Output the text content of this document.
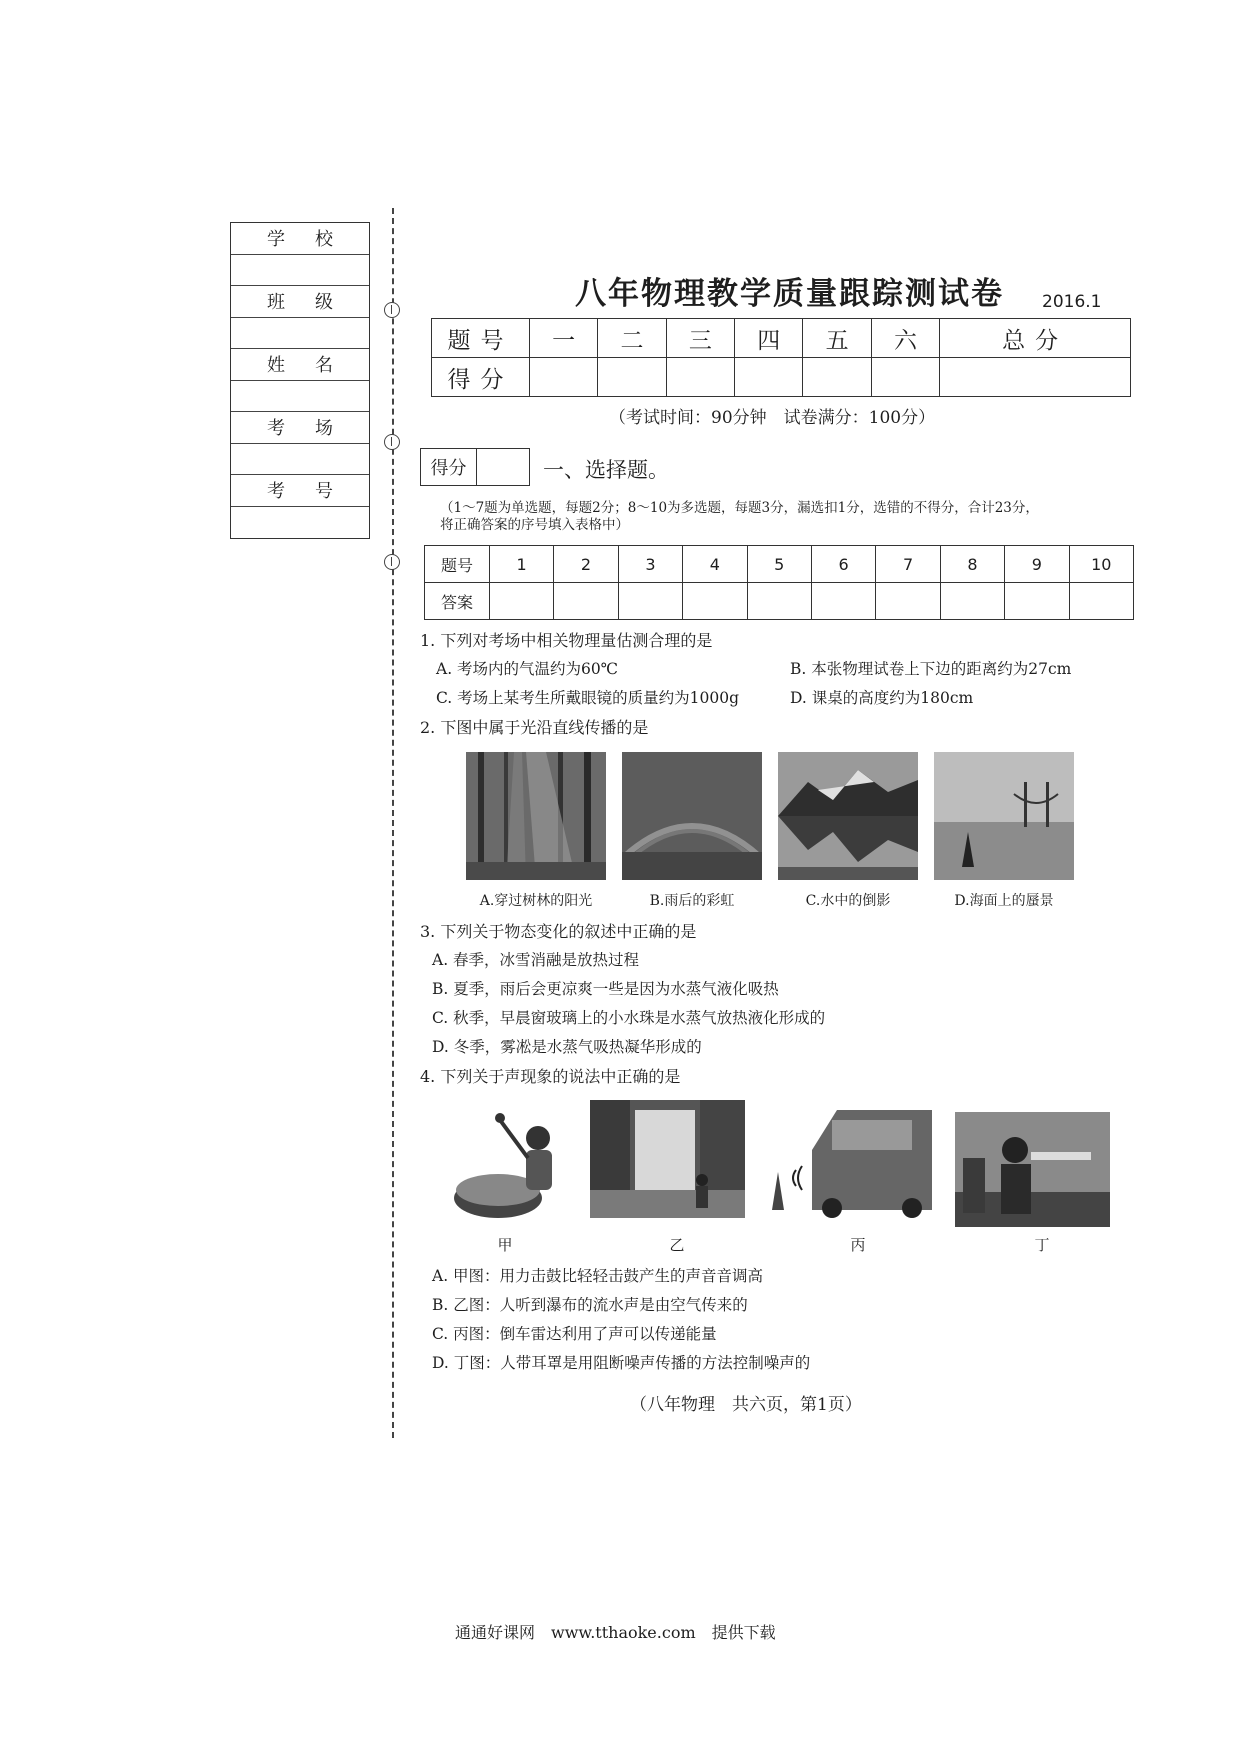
学校
班级
姓名
考场
考号
八年物理教学质量跟踪测试卷 2016.1
题号	一	二	三	四	五	六	总分
得分							
（考试时间：90分钟　试卷满分：100分）
得分	一、选择题。
（1～7题为单选题，每题2分；8～10为多选题，每题3分，漏选扣1分，选错的不得分，合计23分，
将正确答案的序号填入表格中）
题号	1	2	3	4	5	6	7	8	9	10
答案										
1. 下列对考场中相关物理量估测合理的是
A. 考场内的气温约为60℃	B. 本张物理试卷上下边的距离约为27cm
C. 考场上某考生所戴眼镜的质量约为1000g	D. 课桌的高度约为180cm
2. 下图中属于光沿直线传播的是
A.穿过树林的阳光	B.雨后的彩虹	C.水中的倒影	D.海面上的蜃景
3. 下列关于物态变化的叙述中正确的是
A. 春季，冰雪消融是放热过程
B. 夏季，雨后会更凉爽一些是因为水蒸气液化吸热
C. 秋季，早晨窗玻璃上的小水珠是水蒸气放热液化形成的
D. 冬季，雾凇是水蒸气吸热凝华形成的
4. 下列关于声现象的说法中正确的是
甲	乙	丙	丁
A. 甲图：用力击鼓比轻轻击鼓产生的声音音调高
B. 乙图：人听到瀑布的流水声是由空气传来的
C. 丙图：倒车雷达利用了声可以传递能量
D. 丁图：人带耳罩是用阻断噪声传播的方法控制噪声的
（八年物理　共六页，第1页）
通通好课网　www.tthaoke.com　提供下载
